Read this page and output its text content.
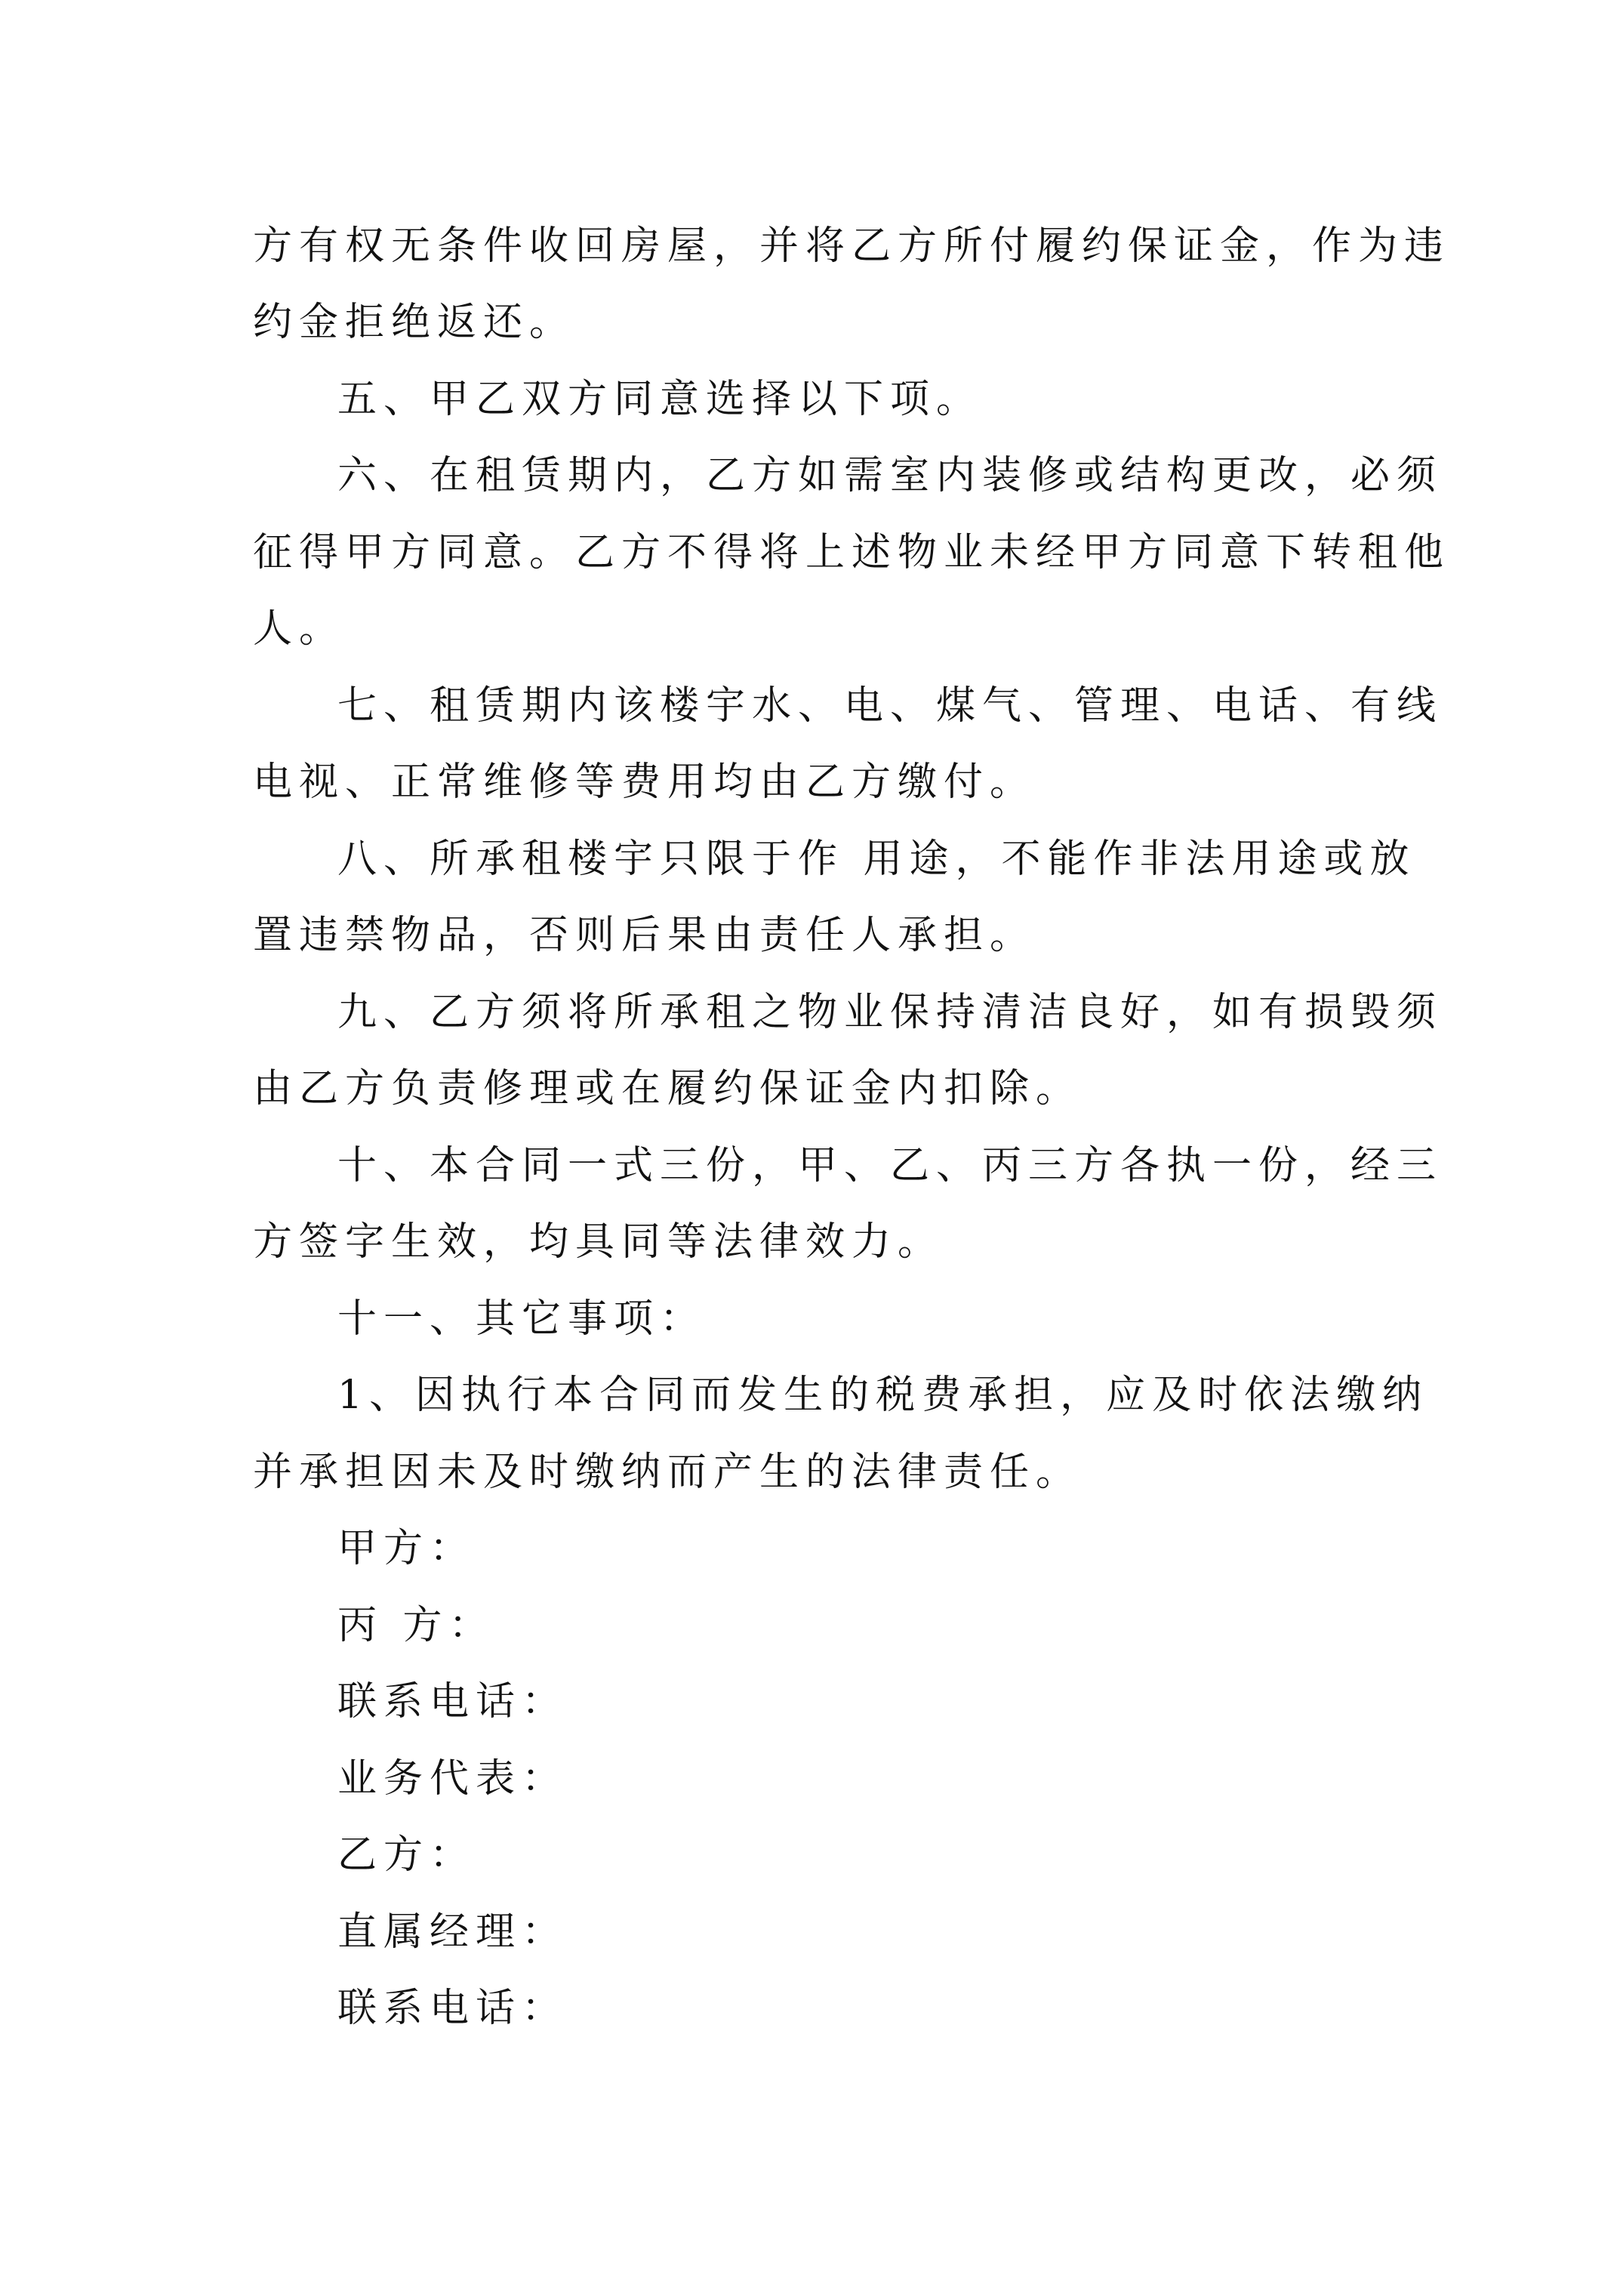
方有权无条件收回房屋，并将乙方所付履约保证金，作为违

约金拒绝返还。

五、甲乙双方同意选择以下项。

六、在租赁期内，乙方如需室内装修或结构更改，必须

征得甲方同意。乙方不得将上述物业未经甲方同意下转租他

人。

七、租赁期内该楼宇水、电、煤气、管理、电话、有线

电视、正常维修等费用均由乙方缴付。

八、所承租楼宇只限于作 用途，不能作非法用途或放

置违禁物品，否则后果由责任人承担。

九、乙方须将所承租之物业保持清洁良好，如有损毁须

由乙方负责修理或在履约保证金内扣除。

十、本合同一式三份，甲、乙、丙三方各执一份，经三

方签字生效，均具同等法律效力。

十一、其它事项：

1、因执行本合同而发生的税费承担，应及时依法缴纳

并承担因未及时缴纳而产生的法律责任。

甲方：

丙 方：

联系电话：

业务代表：

乙方：

直属经理：

联系电话：
